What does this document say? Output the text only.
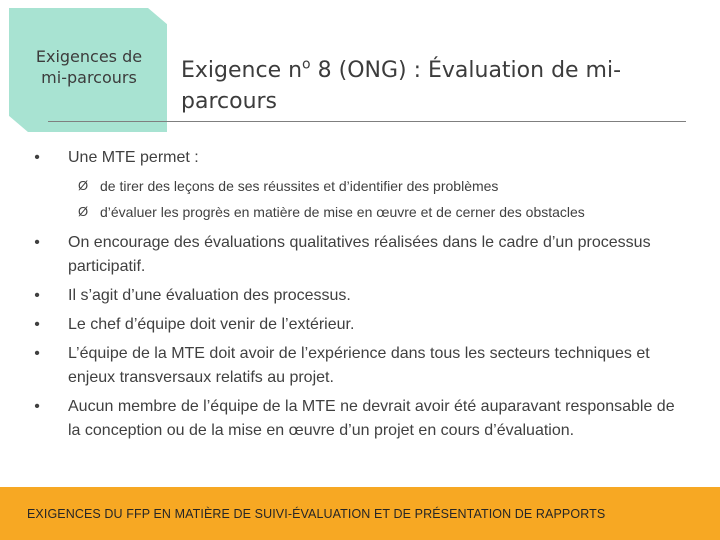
Exigences de mi-parcours	Exigence $n^o$ 8 (ONG) : Évaluation de mi-parcours
• Une MTE permet :
Ø de tirer des leçons de ses réussites et d’identifier des problèmes
Ø d’évaluer les progrès en matière de mise en œuvre et de cerner des obstacles
• On encourage des évaluations qualitatives réalisées dans le cadre d’un processus participatif.
• Il s’agit d’une évaluation des processus.
• Le chef d’équipe doit venir de l’extérieur.
• L’équipe de la MTE doit avoir de l’expérience dans tous les secteurs techniques et enjeux transversaux relatifs au projet.
• Aucun membre de l’équipe de la MTE ne devrait avoir été auparavant responsable de la conception ou de la mise en œuvre d’un projet en cours d’évaluation.
EXIGENCES DU FFP EN MATIÈRE DE SUIVI-ÉVALUATION ET DE PRÉSENTATION DE RAPPORTS
